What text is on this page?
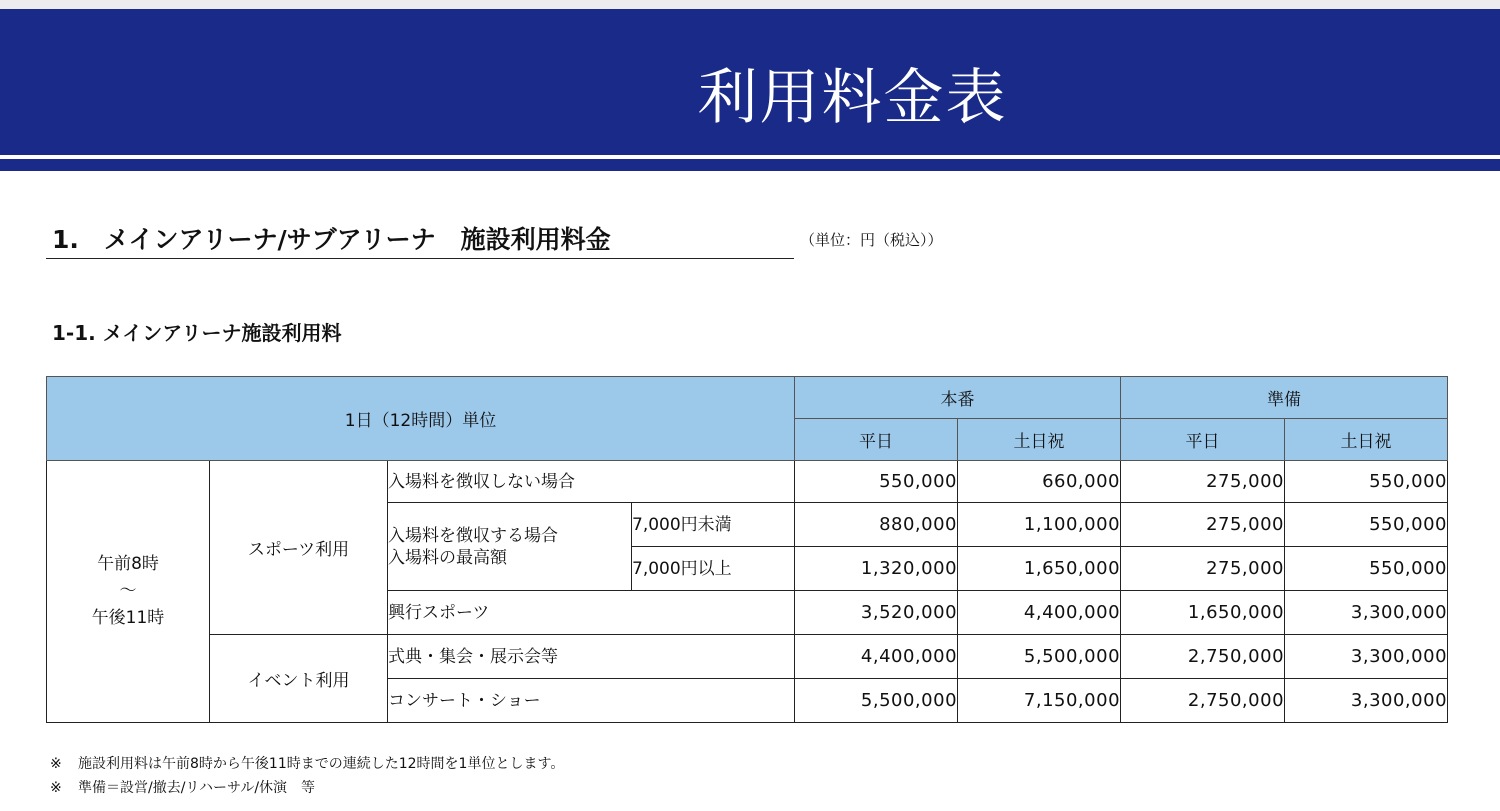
利用料金表
1. メインアリーナ/サブアリーナ　施設利用料金	（単位：円（税込））
1-1. メインアリーナ施設利用料
1日（12時間）単位				本番		準備	
				平日	土日祝	平日	土日祝

午前8時
～
午後11時	スポーツ利用	入場料を徴収しない場合		550,000	660,000	275,000	550,000

		入場料を徴収する場合
入場料の最高額	7,000円未満	880,000	1,100,000	275,000	550,000
			7,000円以上	1,320,000	1,650,000	275,000	550,000
		興行スポーツ		3,520,000	4,400,000	1,650,000	3,300,000
	イベント利用	式典・集会・展示会等		4,400,000	5,500,000	2,750,000	3,300,000
		コンサート・ショー		5,500,000	7,150,000	2,750,000	3,300,000
※ 施設利用料は午前8時から午後11時までの連続した12時間を1単位とします。
※ 準備＝設営/撤去/リハーサル/休演　等
